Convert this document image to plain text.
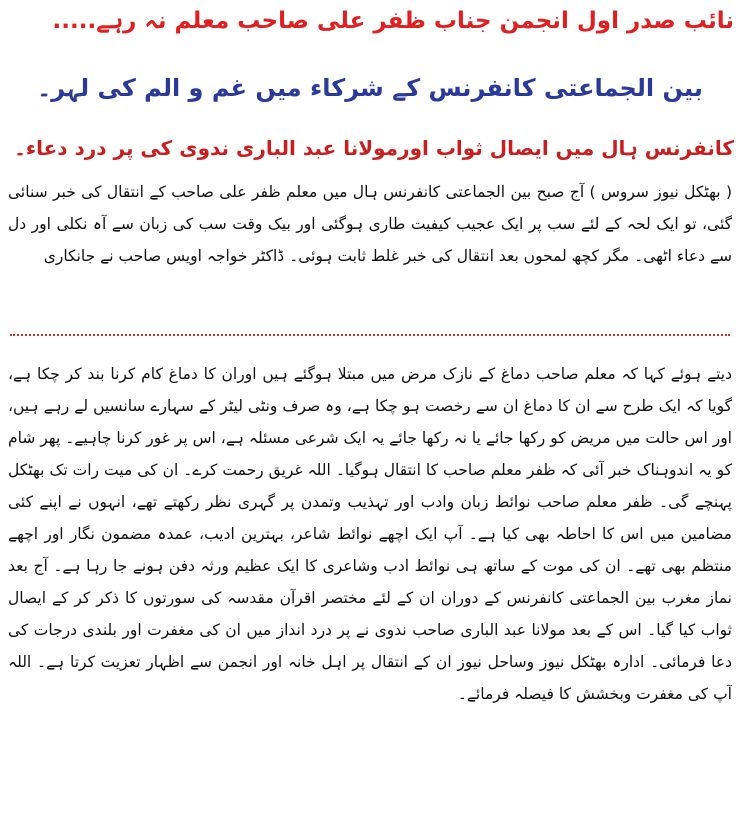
نائب صدر اول انجمن جناب ظفر علی صاحب معلم نہ رہے.....
بین الجماعتی کانفرنس کے شرکاء میں غم و الم کی لہر۔
کانفرنس ہال میں ایصال ثواب اورمولانا عبد الباری ندوی کی پر درد دعاء۔
( بھٹکل نیوز سروس ) آج صبح بین الجماعتی کانفرنس ہال میں معلم ظفر علی صاحب کے انتقال کی خبر سنائی گئی، تو ایک لحہ کے لئے سب پر ایک عجیب کیفیت طاری ہوگئی اور بیک وقت سب کی زبان سے آہ نکلی اور دل سے دعاء اٹھی۔ مگر کچھ لمحوں بعد انتقال کی خبر غلط ثابت ہوئی۔ ڈاکٹر خواجہ اویس صاحب نے جانکاری
دیتے ہوئے کہا کہ معلم صاحب دماغ کے نازک مرض میں مبتلا ہوگئے ہیں اوران کا دماغ کام کرنا بند کر چکا ہے، گویا کہ ایک طرح سے ان کا دماغ ان سے رخصت ہو چکا ہے، وہ صرف ونٹی لیٹر کے سہارے سانسیں لے رہے ہیں، اور اس حالت میں مریض کو رکھا جائے یا نہ رکھا جائے یہ ایک شرعی مسئلہ ہے، اس پر غور کرنا چاہیے۔ پھر شام کو یہ اندوہناک خبر آئی کہ ظفر معلم صاحب کا انتقال ہوگیا۔ اللہ غریق رحمت کرے۔ ان کی میت رات تک بھٹکل پہنچے گی۔ ظفر معلم صاحب نوائط زبان وادب اور تہذیب وتمدن پر گہری نظر رکھتے تھے، انہوں نے اپنے کئی مضامین میں اس کا احاطہ بھی کیا ہے۔ آپ ایک اچھے نوائط شاعر، بہترین ادیب، عمدہ مضمون نگار اور اچھے منتظم بھی تھے۔ ان کی موت کے ساتھ ہی نوائط ادب وشاعری کا ایک عظیم ورثہ دفن ہونے جا رہا ہے۔ آج بعد نماز مغرب بین الجماعتی کانفرنس کے دوران ان کے لئے مختصر اقرآن مقدسہ کی سورتوں کا ذکر کر کے ایصال ثواب کیا گیا۔ اس کے بعد مولانا عبد الباری صاحب ندوی نے پر درد انداز میں ان کی مغفرت اور بلندی درجات کی دعا فرمائی۔ ادارہ بھٹکل نیوز وساحل نیوز ان کے انتقال پر اہل خانہ اور انجمن سے اظہار تعزیت کرتا ہے۔ اللہ آپ کی مغفرت وبخشش کا فیصلہ فرمائے۔
